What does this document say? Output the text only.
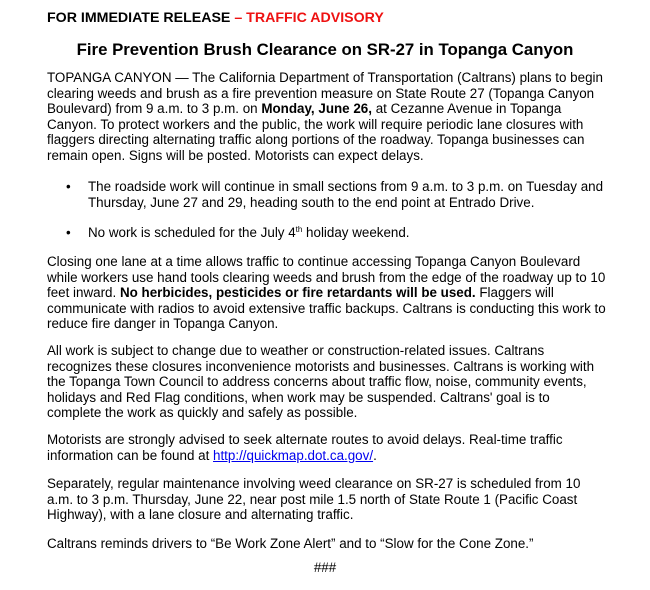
FOR IMMEDIATE RELEASE – TRAFFIC ADVISORY
Fire Prevention Brush Clearance on SR-27 in Topanga Canyon

TOPANGA CANYON — The California Department of Transportation (Caltrans) plans to begin clearing weeds and brush as a fire prevention measure on State Route 27 (Topanga Canyon Boulevard) from 9 a.m. to 3 p.m. on Monday, June 26, at Cezanne Avenue in Topanga Canyon. To protect workers and the public, the work will require periodic lane closures with flaggers directing alternating traffic along portions of the roadway. Topanga businesses can remain open. Signs will be posted. Motorists can expect delays.

•	The roadside work will continue in small sections from 9 a.m. to 3 p.m. on Tuesday and Thursday, June 27 and 29, heading south to the end point at Entrado Drive.
•	No work is scheduled for the July 4th holiday weekend.

Closing one lane at a time allows traffic to continue accessing Topanga Canyon Boulevard while workers use hand tools clearing weeds and brush from the edge of the roadway up to 10 feet inward. No herbicides, pesticides or fire retardants will be used. Flaggers will communicate with radios to avoid extensive traffic backups. Caltrans is conducting this work to reduce fire danger in Topanga Canyon.

All work is subject to change due to weather or construction-related issues. Caltrans recognizes these closures inconvenience motorists and businesses. Caltrans is working with the Topanga Town Council to address concerns about traffic flow, noise, community events, holidays and Red Flag conditions, when work may be suspended. Caltrans' goal is to complete the work as quickly and safely as possible.

Motorists are strongly advised to seek alternate routes to avoid delays. Real-time traffic information can be found at http://quickmap.dot.ca.gov/.

Separately, regular maintenance involving weed clearance on SR-27 is scheduled from 10 a.m. to 3 p.m. Thursday, June 22, near post mile 1.5 north of State Route 1 (Pacific Coast Highway), with a lane closure and alternating traffic.

Caltrans reminds drivers to “Be Work Zone Alert” and to “Slow for the Cone Zone.”

###
